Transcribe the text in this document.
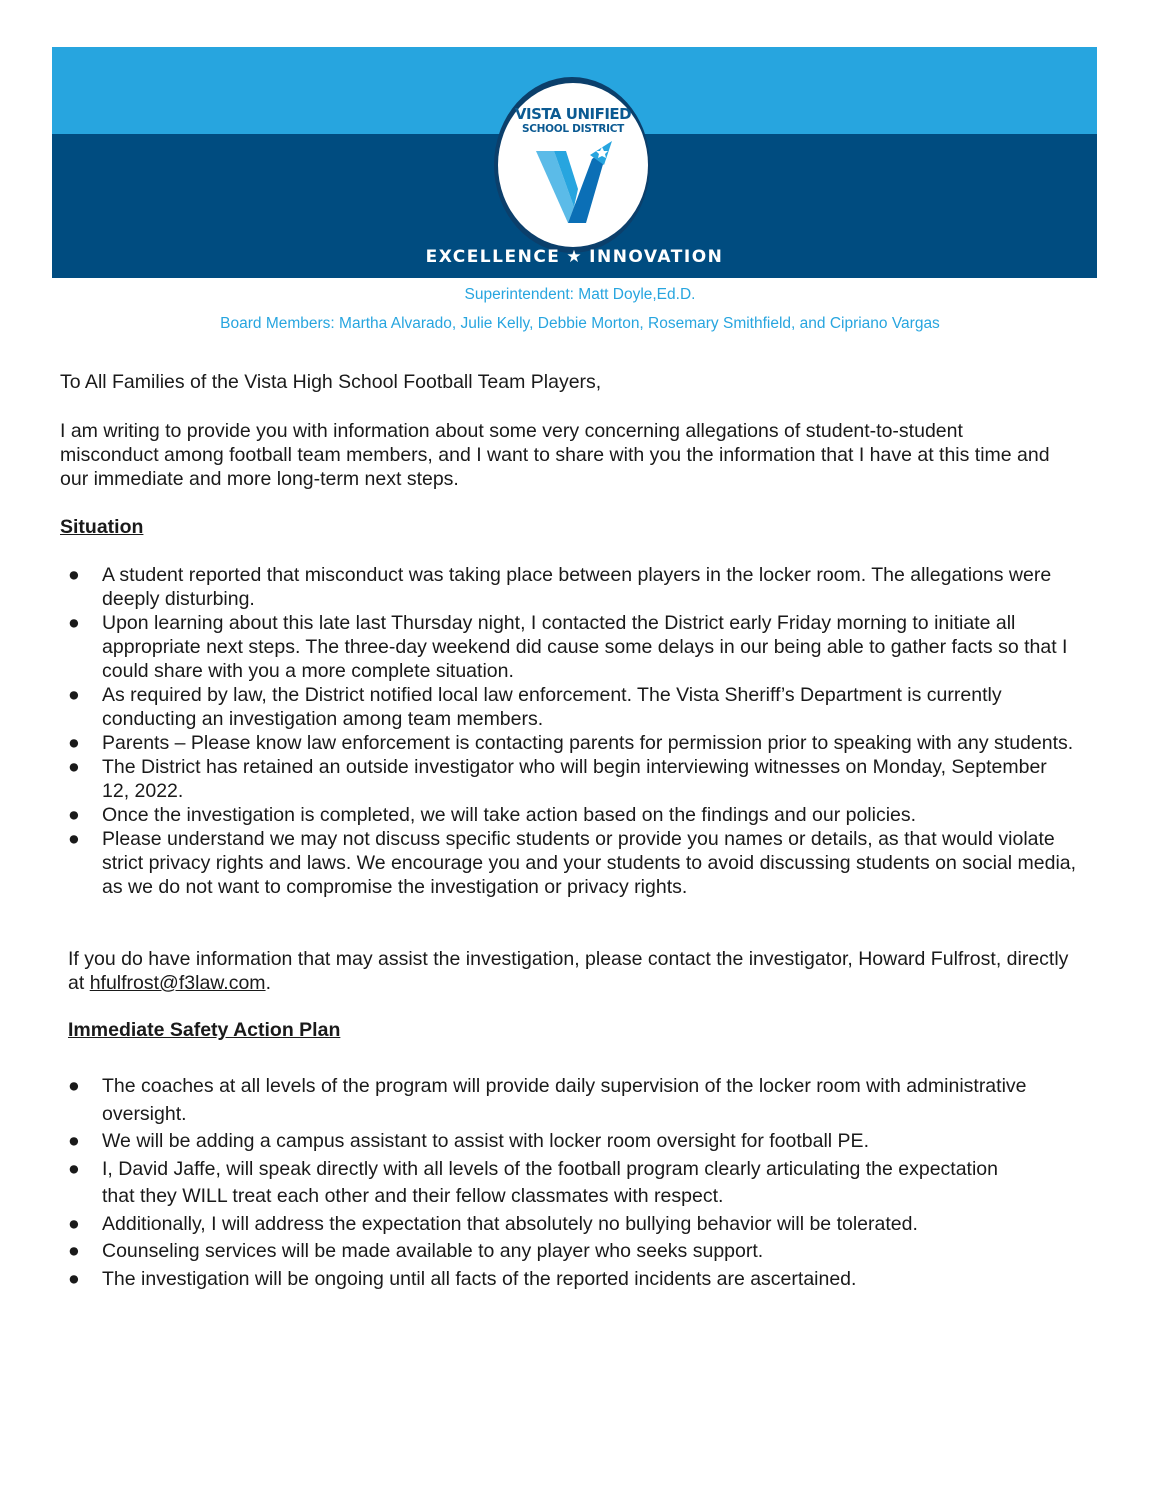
VISTA UNIFIED
SCHOOL DISTRICT
EXCELLENCE ★ INNOVATION
Superintendent: Matt Doyle,Ed.D.
Board Members: Martha Alvarado, Julie Kelly, Debbie Morton, Rosemary Smithfield, and Cipriano Vargas
To All Families of the Vista High School Football Team Players,
I am writing to provide you with information about some very concerning allegations of student-to-student misconduct among football team members, and I want to share with you the information that I have at this time and our immediate and more long-term next steps.
Situation
●	A student reported that misconduct was taking place between players in the locker room. The allegations were deeply disturbing.
●	Upon learning about this late last Thursday night, I contacted the District early Friday morning to initiate all appropriate next steps. The three-day weekend did cause some delays in our being able to gather facts so that I could share with you a more complete situation.
●	As required by law, the District notified local law enforcement. The Vista Sheriff’s Department is currently conducting an investigation among team members.
●	Parents – Please know law enforcement is contacting parents for permission prior to speaking with any students.
●	The District has retained an outside investigator who will begin interviewing witnesses on Monday, September 12, 2022.
●	Once the investigation is completed, we will take action based on the findings and our policies.
●	Please understand we may not discuss specific students or provide you names or details, as that would violate strict privacy rights and laws. We encourage you and your students to avoid discussing students on social media, as we do not want to compromise the investigation or privacy rights.
If you do have information that may assist the investigation, please contact the investigator, Howard Fulfrost, directly at hfulfrost@f3law.com.
Immediate Safety Action Plan
●	The coaches at all levels of the program will provide daily supervision of the locker room with administrative oversight.
●	We will be adding a campus assistant to assist with locker room oversight for football PE.
●	I, David Jaffe, will speak directly with all levels of the football program clearly articulating the expectation that they WILL treat each other and their fellow classmates with respect.
●	Additionally, I will address the expectation that absolutely no bullying behavior will be tolerated.
●	Counseling services will be made available to any player who seeks support.
●	The investigation will be ongoing until all facts of the reported incidents are ascertained.
